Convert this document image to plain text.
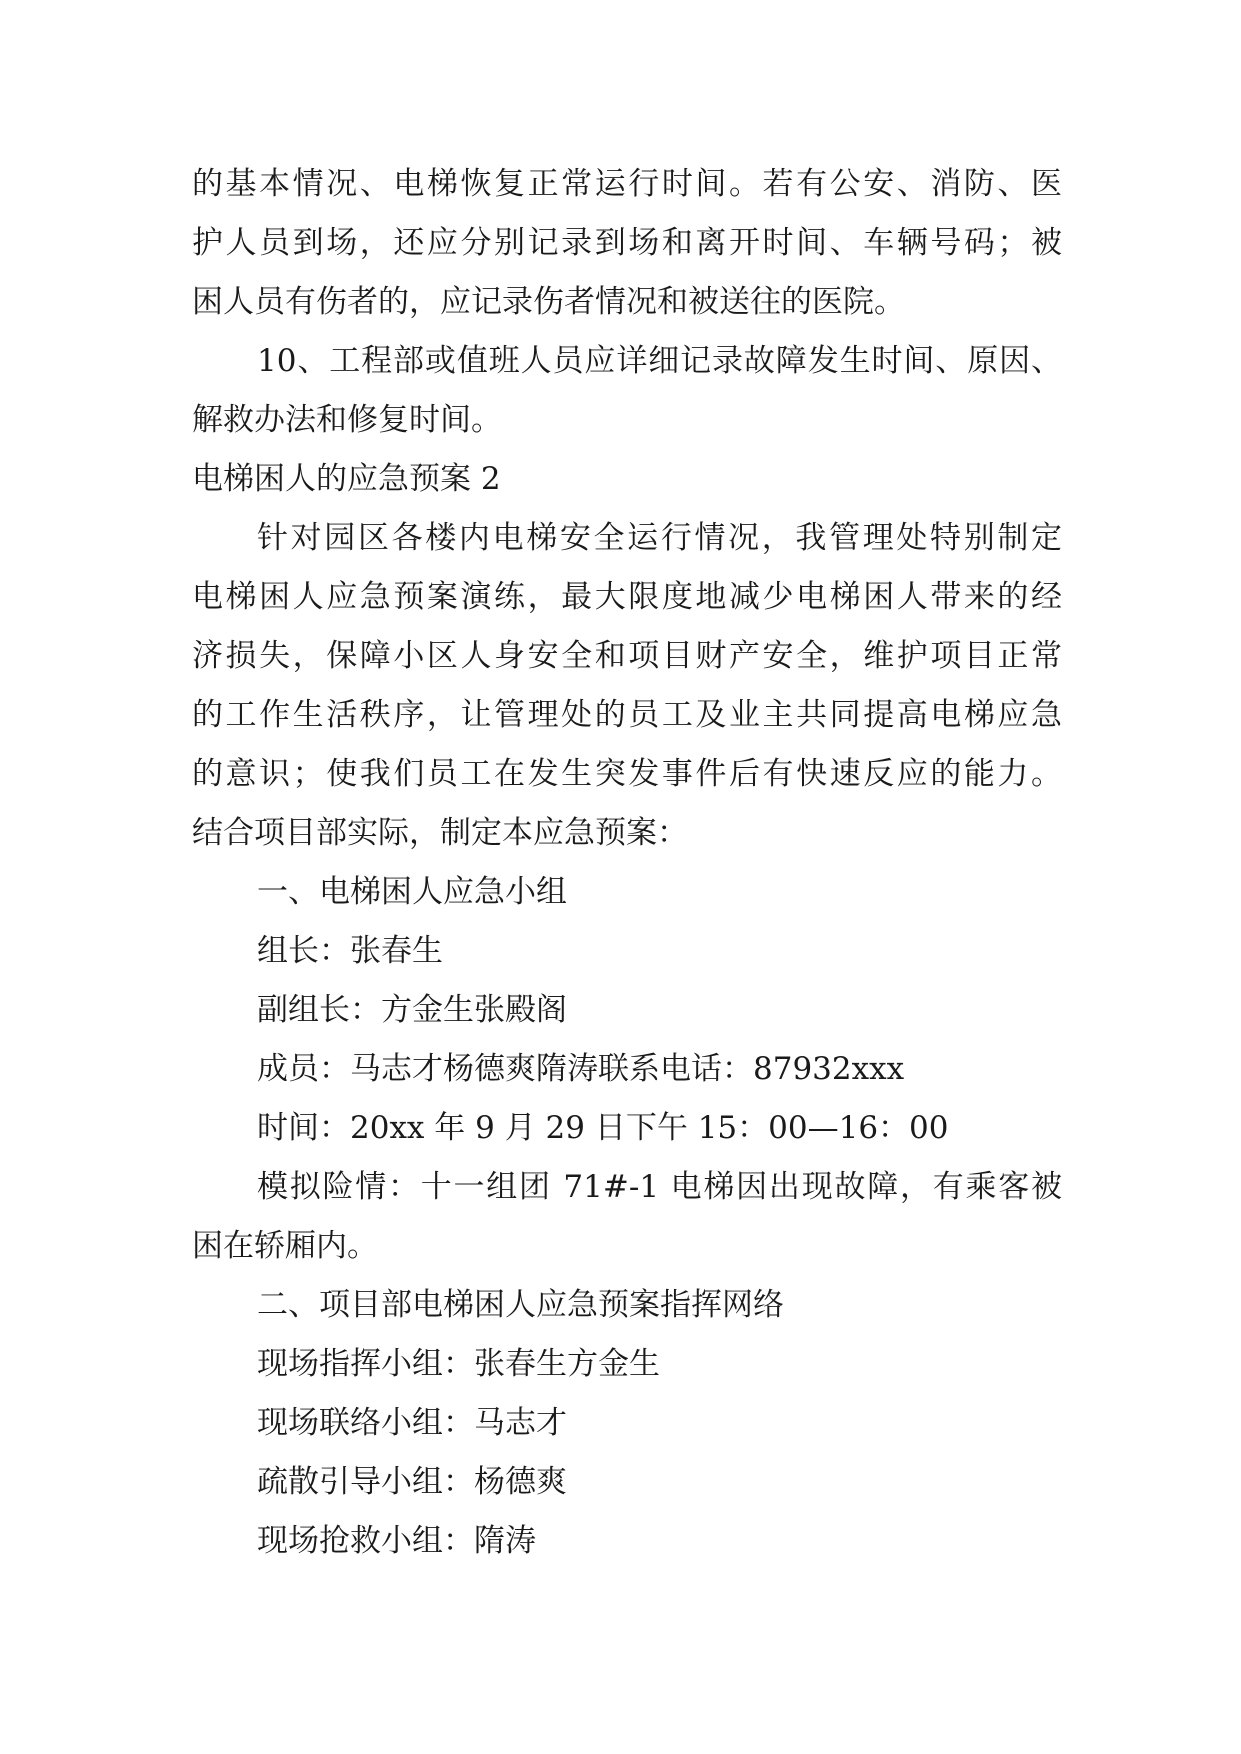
的基本情况、电梯恢复正常运行时间。若有公安、消防、医
护人员到场，还应分别记录到场和离开时间、车辆号码；被
困人员有伤者的，应记录伤者情况和被送往的医院。
10、工程部或值班人员应详细记录故障发生时间、原因、
解救办法和修复时间。
电梯困人的应急预案 2
针对园区各楼内电梯安全运行情况，我管理处特别制定
电梯困人应急预案演练，最大限度地减少电梯困人带来的经
济损失，保障小区人身安全和项目财产安全，维护项目正常
的工作生活秩序，让管理处的员工及业主共同提高电梯应急
的意识；使我们员工在发生突发事件后有快速反应的能力。
结合项目部实际，制定本应急预案：
一、电梯困人应急小组
组长：张春生
副组长：方金生张殿阁
成员：马志才杨德爽隋涛联系电话：87932xxx
时间：20xx 年 9 月 29 日下午 15：00—16：00
模拟险情：十一组团 71#-1 电梯因出现故障，有乘客被
困在轿厢内。
二、项目部电梯困人应急预案指挥网络
现场指挥小组：张春生方金生
现场联络小组：马志才
疏散引导小组：杨德爽
现场抢救小组：隋涛
